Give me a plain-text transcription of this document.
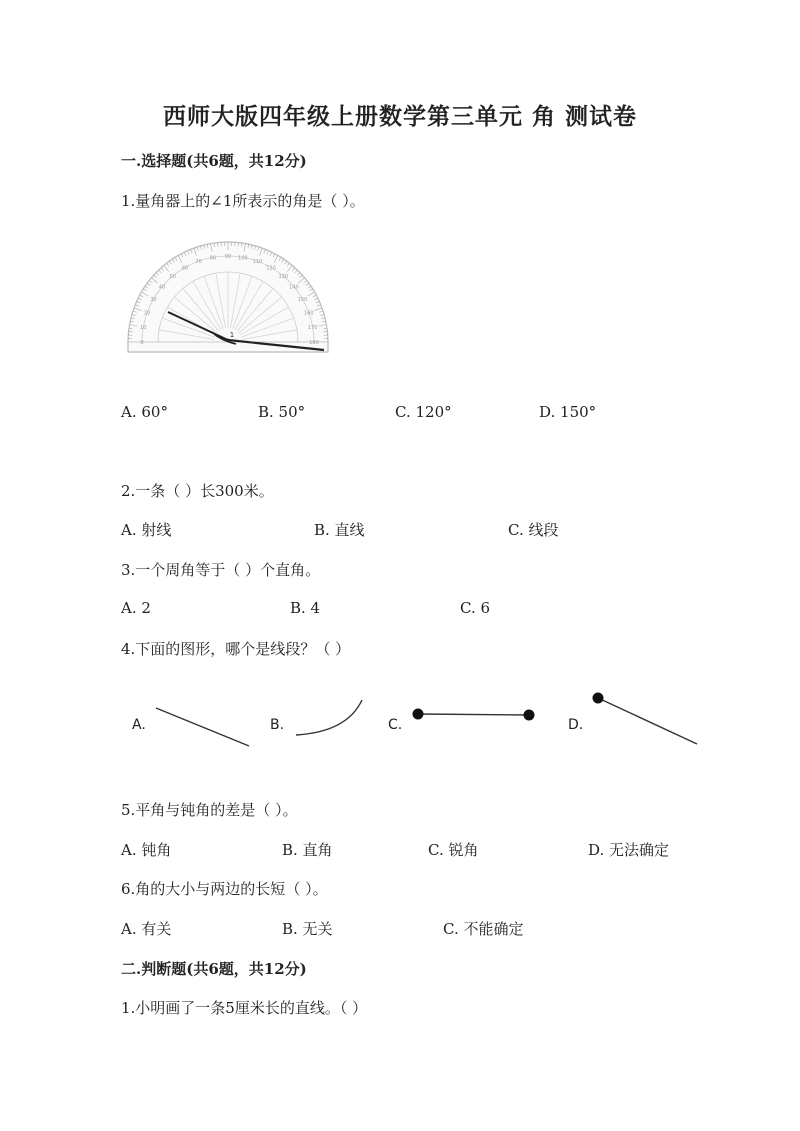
西师大版四年级上册数学第三单元 角 测试卷
一.选择题(共6题，共12分)
1.量角器上的∠1所表示的角是（ ）。
180
170
160
150
140
130
120
110
100
90
80
70
60
50
40
30
20
10
0
1
A. 60°	B. 50°	C. 120°	D. 150°
2.一条（ ）长300米。
A. 射线	B. 直线	C. 线段
3.一个周角等于（ ）个直角。
A. 2	B. 4	C. 6
4.下面的图形，哪个是线段？（ ）
A.	B.	C.	D.
5.平角与钝角的差是（ ）。
A. 钝角	B. 直角	C. 锐角	D. 无法确定
6.角的大小与两边的长短（ ）。
A. 有关	B. 无关	C. 不能确定
二.判断题(共6题，共12分)
1.小明画了一条5厘米长的直线。（ ）
